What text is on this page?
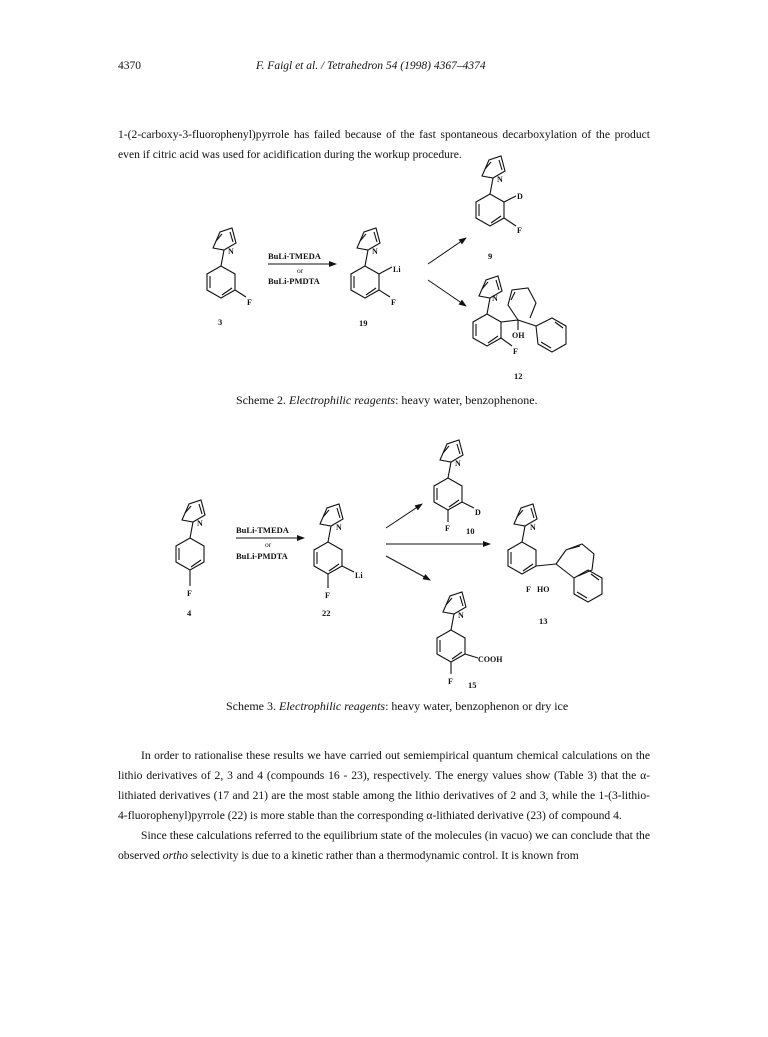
4370	F. Faigl et al. / Tetrahedron 54 (1998) 4367–4374

1-(2-carboxy-3-fluorophenyl)pyrrole has failed because of the fast spontaneous decarboxylation of the product even if citric acid was used for acidification during the workup procedure.

N
F
3
BuLi-TMEDA
or
BuLi-PMDTA
N
Li
F
19
N
D
F
9
N
OH
F
12
Scheme 2. Electrophilic reagents: heavy water, benzophenone.
N
F
4
BuLi-TMEDA
or
BuLi-PMDTA
N
Li
F
22
N
D
F 10	N
HO
F
13
N
COOH
F 15
Scheme 3. Electrophilic reagents: heavy water, benzophenon or dry ice

In order to rationalise these results we have carried out semiempirical quantum chemical calculations on the lithio derivatives of 2, 3 and 4 (compounds 16 - 23), respectively. The energy values show (Table 3) that the α-lithiated derivatives (17 and 21) are the most stable among the lithio derivatives of 2 and 3, while the 1-(3-lithio-4-fluorophenyl)pyrrole (22) is more stable than the corresponding α-lithiated derivative (23) of compound 4.

Since these calculations referred to the equilibrium state of the molecules (in vacuo) we can conclude that the observed ortho selectivity is due to a kinetic rather than a thermodynamic control. It is known from
